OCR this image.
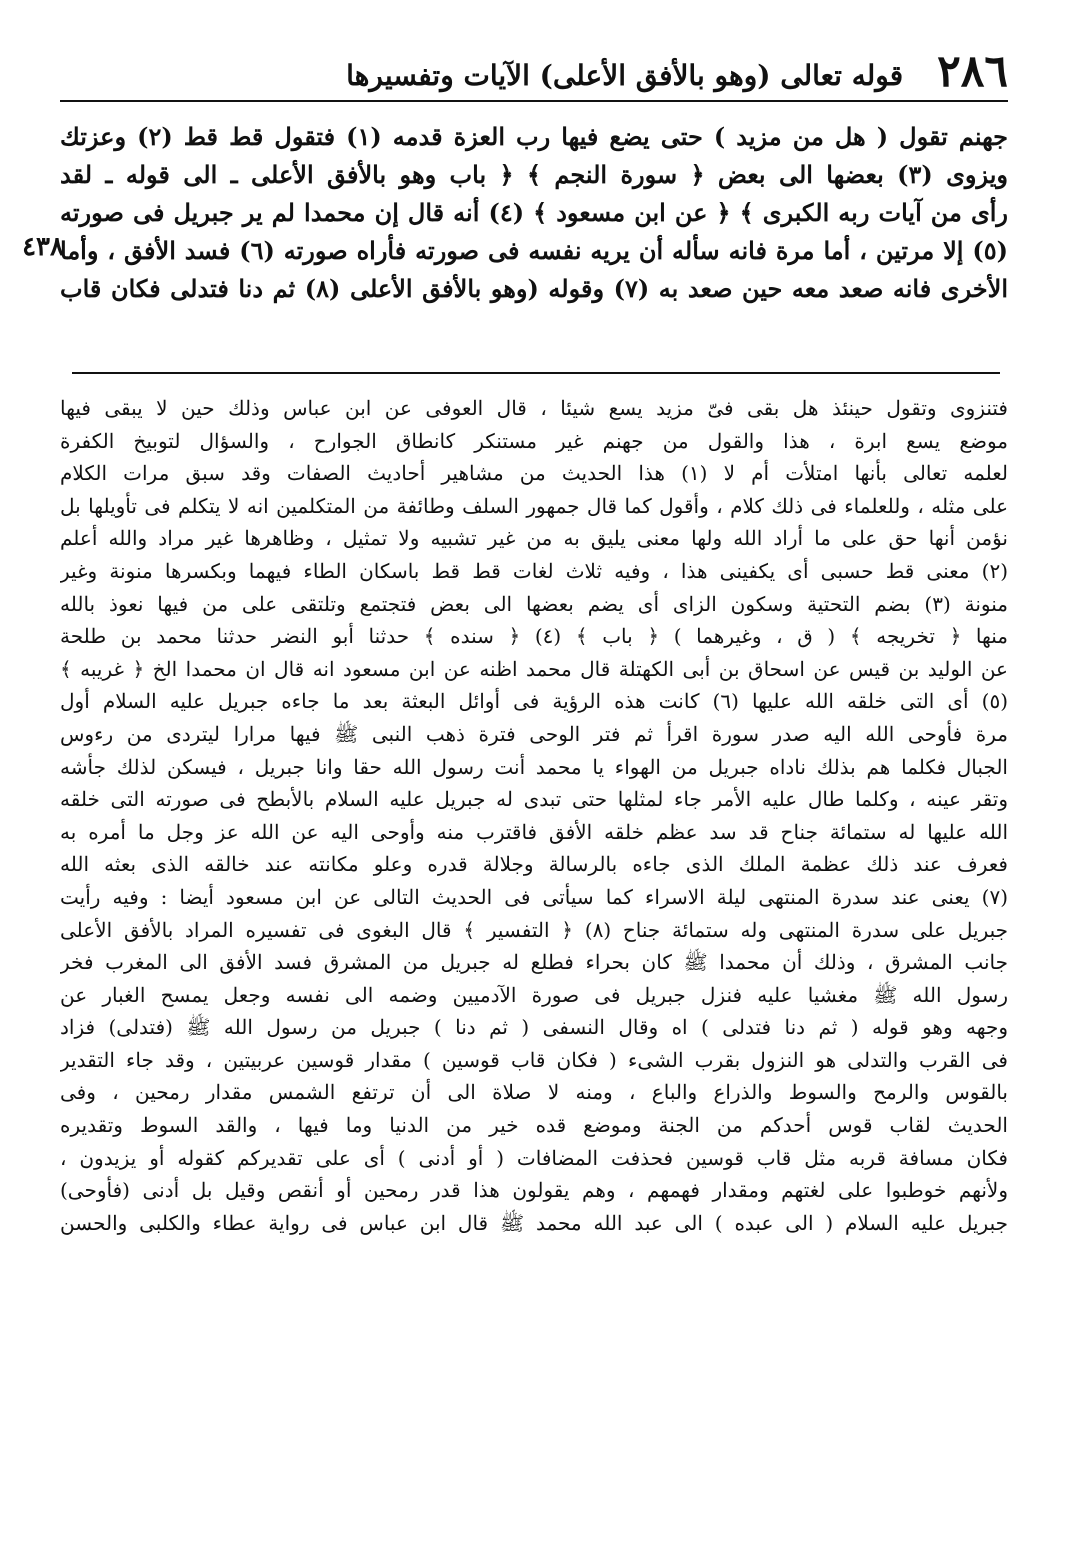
٢٨٦
قوله تعالى (وهو بالأفق الأعلى) الآيات وتفسيرها
٤٣٨
جهنم تقول ( هل من مزيد ) حتى يضع فيها رب العزة قدمه (١) فتقول قط قط (٢) وعزتك
ويزوى (٣) بعضها الى بعض ﴿ سورة النجم ﴾ ﴿ باب وهو بالأفق الأعلى ـ الى قوله ـ لقد
رأى من آيات ربه الكبرى ﴾ ﴿ عن ابن مسعود ﴾ (٤) أنه قال إن محمدا لم ير جبريل فى صورته
(٥) إلا مرتين ، أما مرة فانه سأله أن يريه نفسه فى صورته فأراه صورته (٦) فسد الأفق ، وأما
الأخرى فانه صعد معه حين صعد به (٧) وقوله (وهو بالأفق الأعلى (٨) ثم دنا فتدلى فكان قاب
فتنزوى وتقول حينئذ هل بقى فىّ مزيد يسع شيئا ، قال العوفى عن ابن عباس وذلك حين لا يبقى فيها
موضع يسع ابرة ، هذا والقول من جهنم غير مستنكر كانطاق الجوارح ، والسؤال لتوبيخ الكفرة
لعلمه تعالى بأنها امتلأت أم لا (١) هذا الحديث من مشاهير أحاديث الصفات وقد سبق مرات الكلام
على مثله ، وللعلماء فى ذلك كلام ، وأقول كما قال جمهور السلف وطائفة من المتكلمين انه لا يتكلم فى تأويلها بل
نؤمن أنها حق على ما أراد الله ولها معنى يليق به من غير تشبيه ولا تمثيل ، وظاهرها غير مراد والله أعلم
(٢) معنى قط حسبى أى يكفينى هذا ، وفيه ثلاث لغات قط قط باسكان الطاء فيهما وبكسرها منونة وغير
منونة (٣) بضم التحتية وسكون الزاى أى يضم بعضها الى بعض فتجتمع وتلتقى على من فيها نعوذ بالله
منها ﴿ تخريجه ﴾ ( ق ، وغيرهما ) ﴿ باب ﴾ (٤) ﴿ سنده ﴾ حدثنا أبو النضر حدثنا محمد بن طلحة
عن الوليد بن قيس عن اسحاق بن أبى الكهتلة قال محمد اظنه عن ابن مسعود انه قال ان محمدا الخ ﴿ غريبه ﴾
(٥) أى التى خلقه الله عليها (٦) كانت هذه الرؤية فى أوائل البعثة بعد ما جاءه جبريل عليه السلام أول
مرة فأوحى الله اليه صدر سورة اقرأ ثم فتر الوحى فترة ذهب النبى ﷺ فيها مرارا ليتردى من رءوس
الجبال فكلما هم بذلك ناداه جبريل من الهواء يا محمد أنت رسول الله حقا وانا جبريل ، فيسكن لذلك جأشه
وتقر عينه ، وكلما طال عليه الأمر جاء لمثلها حتى تبدى له جبريل عليه السلام بالأبطح فى صورته التى خلقه
الله عليها له ستمائة جناح قد سد عظم خلقه الأفق فاقترب منه وأوحى اليه عن الله عز وجل ما أمره به
فعرف عند ذلك عظمة الملك الذى جاءه بالرسالة وجلالة قدره وعلو مكانته عند خالقه الذى بعثه الله
(٧) يعنى عند سدرة المنتهى ليلة الاسراء كما سيأتى فى الحديث التالى عن ابن مسعود أيضا : وفيه رأيت
جبريل على سدرة المنتهى وله ستمائة جناح (٨) ﴿ التفسير ﴾ قال البغوى فى تفسيره المراد بالأفق الأعلى
جانب المشرق ، وذلك أن محمدا ﷺ كان بحراء فطلع له جبريل من المشرق فسد الأفق الى المغرب فخر
رسول الله ﷺ مغشيا عليه فنزل جبريل فى صورة الآدميين وضمه الى نفسه وجعل يمسح الغبار عن
وجهه وهو قوله ( ثم دنا فتدلى ) اه وقال النسفى ( ثم دنا ) جبريل من رسول الله ﷺ (فتدلى) فزاد
فى القرب والتدلى هو النزول بقرب الشىء ( فكان قاب قوسين ) مقدار قوسين عربيتين ، وقد جاء التقدير
بالقوس والرمح والسوط والذراع والباع ، ومنه لا صلاة الى أن ترتفع الشمس مقدار رمحين ، وفى
الحديث لقاب قوس أحدكم من الجنة وموضع قده خير من الدنيا وما فيها ، والقد السوط وتقديره
فكان مسافة قربه مثل قاب قوسين فحذفت المضافات ( أو أدنى ) أى على تقديركم كقوله أو يزيدون ،
ولأنهم خوطبوا على لغتهم ومقدار فهمهم ، وهم يقولون هذا قدر رمحين أو أنقص وقيل بل أدنى (فأوحى)
جبريل عليه السلام ( الى عبده ) الى عبد الله محمد ﷺ قال ابن عباس فى رواية عطاء والكلبى والحسن
